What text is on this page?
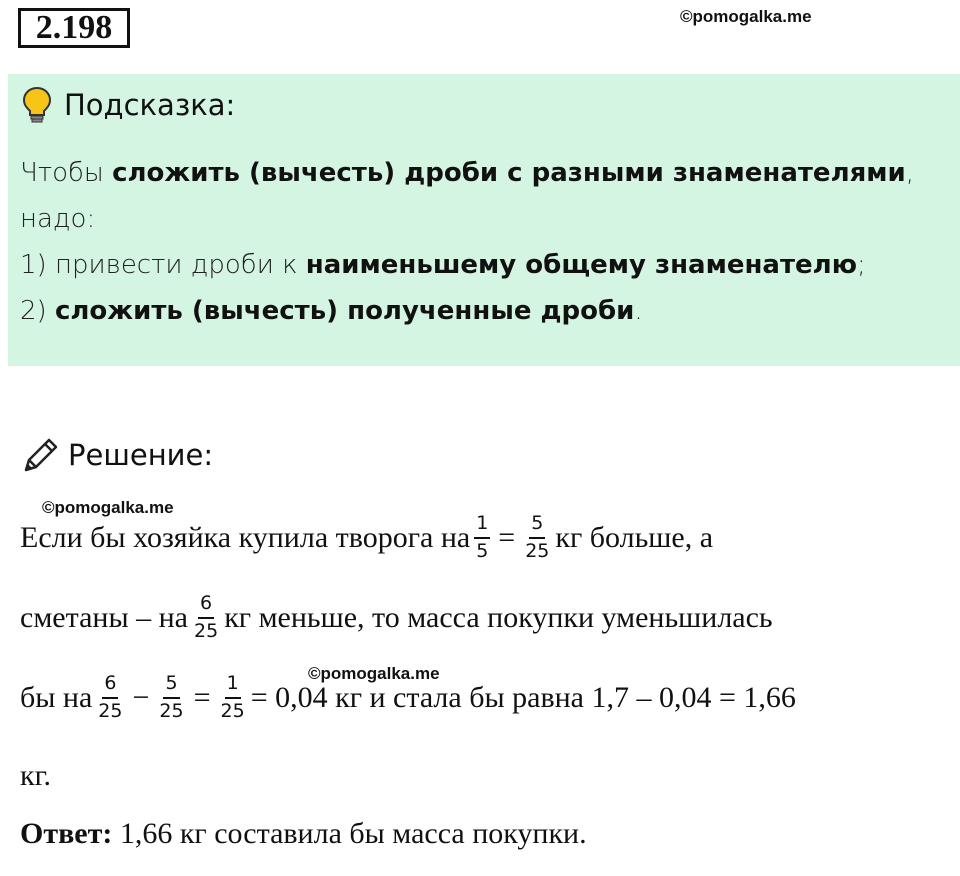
2.198	©pomogalka.me
Подсказка:
Чтобы сложить (вычесть) дроби с разными знаменателями,
надо:
1) привести дроби к наименьшему общему знаменателю;
2) сложить (вычесть) полученные дроби.
Решение:
©pomogalka.me
Если бы хозяйка купила творога на $\frac{1}{5} = \frac{5}{25}$ кг больше, а
сметаны – на $\frac{6}{25}$ кг меньше, то масса покупки уменьшилась
©pomogalka.me
бы на $\frac{6}{25} - \frac{5}{25} = \frac{1}{25} = 0,04$ кг и стала бы равна 1,7 – 0,04 = 1,66
кг.
Ответ: 1,66 кг составила бы масса покупки.
